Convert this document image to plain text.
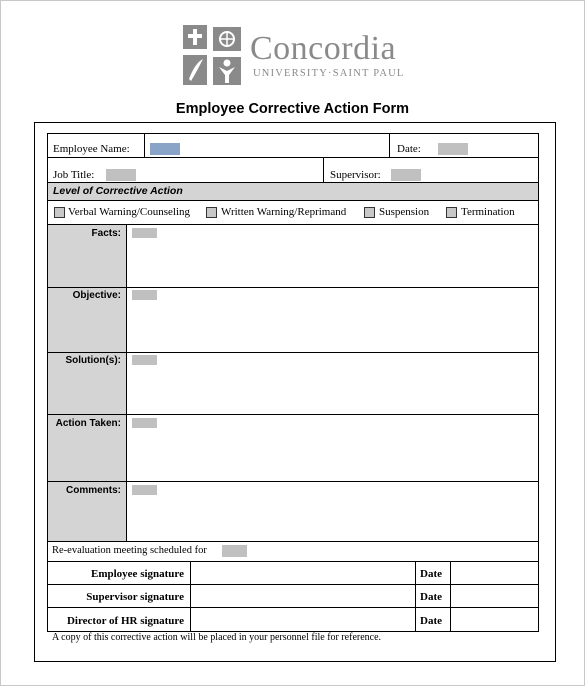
Concordia
UNIVERSITY·SAINT PAUL
Employee Corrective Action Form
Employee Name:	Date:
Job Title:	Supervisor:
Level of Corrective Action
Verbal Warning/Counseling	Written Warning/Reprimand	Suspension	Termination
Facts:
Objective:
Solution(s):
Action Taken:
Comments:
Re-evaluation meeting scheduled for
Employee signature	Date
Supervisor signature	Date
Director of HR signature	Date
A copy of this corrective action will be placed in your personnel file for reference.
